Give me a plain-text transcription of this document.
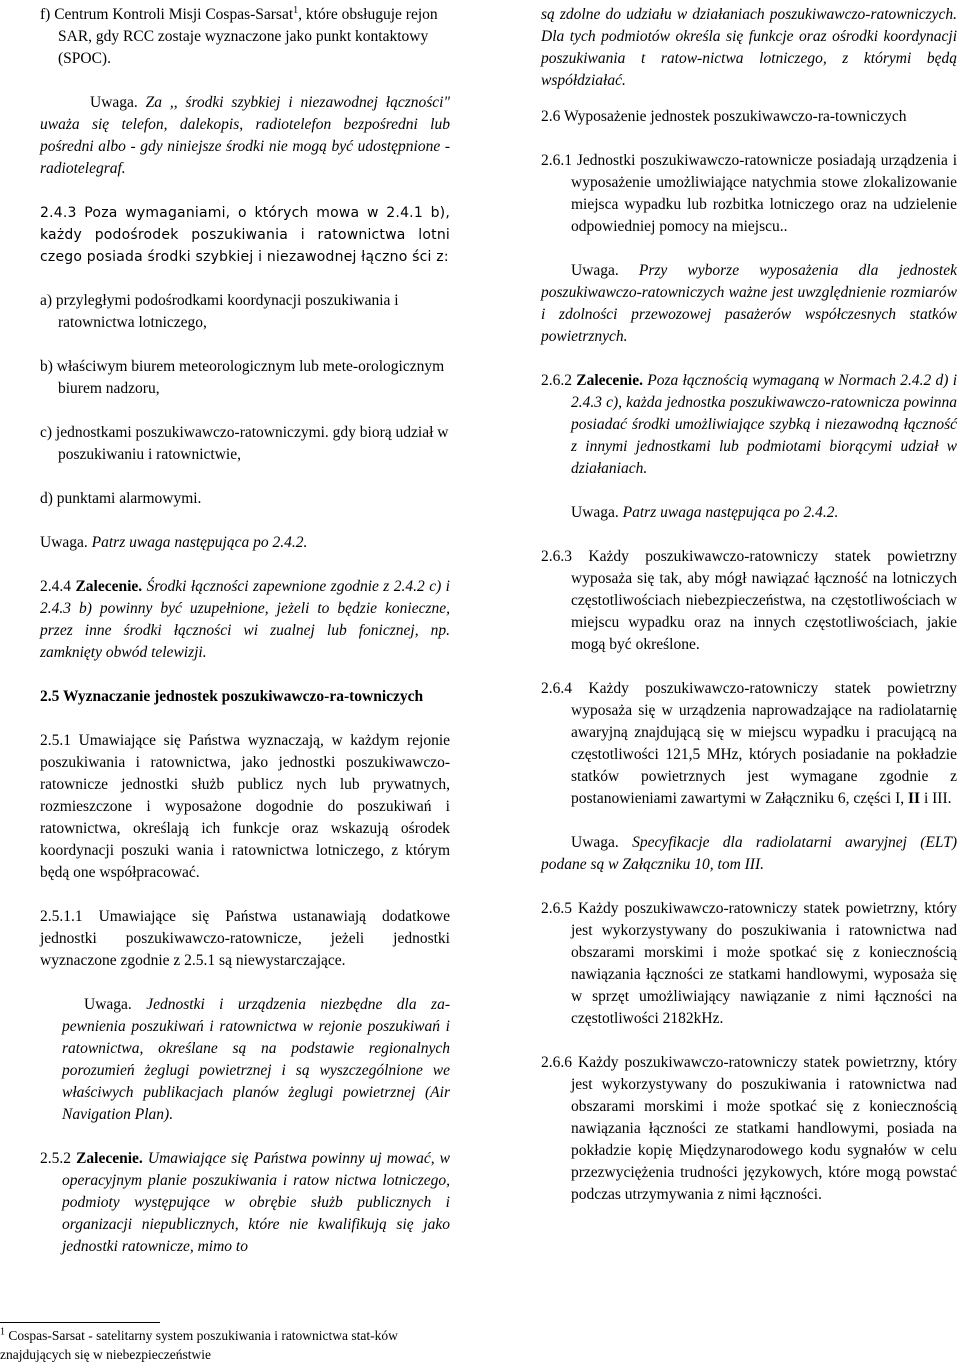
f) Centrum Kontroli Misji Cospas-Sarsat$^1$, które obsługuje rejon SAR, gdy RCC zostaje wyznaczone jako punkt kontaktowy (SPOC).

Uwaga. Za ,, środki szybkiej i niezawodnej łączności" uważa się telefon, dalekopis, radiotelefon bezpośredni lub pośredni albo - gdy niniejsze środki nie mogą być udostępnione - radiotelegraf.

2.4.3 Poza wymaganiami, o których mowa w 2.4.1 b), każdy podośrodek poszukiwania i ratownictwa lotni czego posiada środki szybkiej i niezawodnej łączno ści z:

a) przyległymi podośrodkami koordynacji poszukiwania i ratownictwa lotniczego,

b) właściwym biurem meteorologicznym lub mete-orologicznym biurem nadzoru,

c) jednostkami poszukiwawczo-ratowniczymi. gdy biorą udział w poszukiwaniu i ratownictwie,

d) punktami alarmowymi.

Uwaga. Patrz uwaga następująca po 2.4.2.

2.4.4 Zalecenie. Środki łączności zapewnione zgodnie z 2.4.2 c) i 2.4.3 b) powinny być uzupełnione, jeżeli to będzie konieczne, przez inne środki łączności wi zualnej lub fonicznej, np. zamknięty obwód telewizji.

2.5 Wyznaczanie jednostek poszukiwawczo-ra-towniczych

2.5.1 Umawiające się Państwa wyznaczają, w każdym rejonie poszukiwania i ratownictwa, jako jednostki poszukiwawczo-ratownicze jednostki służb publicz nych lub prywatnych, rozmieszczone i wyposażone dogodnie do poszukiwań i ratownictwa, określają ich funkcje oraz wskazują ośrodek koordynacji poszuki wania i ratownictwa lotniczego, z którym będą one współpracować.

2.5.1.1 Umawiające się Państwa ustanawiają dodatkowe jednostki poszukiwawczo-ratownicze, jeżeli jednostki wyznaczone zgodnie z 2.5.1 są niewystarczające.

Uwaga. Jednostki i urządzenia niezbędne dla za-pewnienia poszukiwań i ratownictwa w rejonie poszukiwań i ratownictwa, określane są na podstawie regionalnych porozumień żeglugi powietrznej i są wyszczególnione we właściwych publikacjach planów żeglugi powietrznej (Air Navigation Plan).

2.5.2 Zalecenie. Umawiające się Państwa powinny uj mować, w operacyjnym planie poszukiwania i ratow nictwa lotniczego, podmioty występujące w obrębie służb publicznych i organizacji niepublicznych, które nie kwalifikują się jako jednostki ratownicze, mimo to

$^1$ Cospas-Sarsat - satelitarny system poszukiwania i ratownictwa stat-ków znajdujących się w niebezpieczeństwie

są zdolne do udziału w działaniach poszukiwawczo-ratowniczych. Dla tych podmiotów określa się funkcje oraz ośrodki koordynacji poszukiwania t ratow-nictwa lotniczego, z którymi będą współdziałać.

2.6 Wyposażenie jednostek poszukiwawczo-ra-towniczych

2.6.1 Jednostki poszukiwawczo-ratownicze posiadają urządzenia i wyposażenie umożliwiające natychmia stowe zlokalizowanie miejsca wypadku lub rozbitka lotniczego oraz na udzielenie odpowiedniej pomocy na miejscu..

Uwaga. Przy wyborze wyposażenia dla jednostek poszukiwawczo-ratowniczych ważne jest uwzględnienie rozmiarów i zdolności przewozowej pasażerów współczesnych statków powietrznych.

2.6.2 Zalecenie. Poza łącznością wymaganą w Normach 2.4.2 d) i 2.4.3 c), każda jednostka poszukiwawczo-ratownicza powinna posiadać środki umożliwiające szybką i niezawodną łączność z innymi jednostkami lub podmiotami biorącymi udział w działaniach.

Uwaga. Patrz uwaga następująca po 2.4.2.

2.6.3 Każdy poszukiwawczo-ratowniczy statek powietrzny wyposaża się tak, aby mógł nawiązać łączność na lotniczych częstotliwościach niebezpieczeństwa, na częstotliwościach w miejscu wypadku oraz na innych częstotliwościach, jakie mogą być określone.

2.6.4 Każdy poszukiwawczo-ratowniczy statek powietrzny wyposaża się w urządzenia naprowadzające na radiolatarnię awaryjną znajdującą się w miejscu wypadku i pracującą na częstotliwości 121,5 MHz, których posiadanie na pokładzie statków powietrznych jest wymagane zgodnie z postanowieniami zawartymi w Załączniku 6, części I, II i III.

Uwaga. Specyfikacje dla radiolatarni awaryjnej (ELT) podane są w Załączniku 10, tom III.

2.6.5 Każdy poszukiwawczo-ratowniczy statek powietrzny, który jest wykorzystywany do poszukiwania i ratownictwa nad obszarami morskimi i może spotkać się z koniecznością nawiązania łączności ze statkami handlowymi, wyposaża się w sprzęt umożliwiający nawiązanie z nimi łączności na częstotliwości 2182kHz.

2.6.6 Każdy poszukiwawczo-ratowniczy statek powietrzny, który jest wykorzystywany do poszukiwania i ratownictwa nad obszarami morskimi i może spotkać się z koniecznością nawiązania łączności ze statkami handlowymi, posiada na pokładzie kopię Międzynarodowego kodu sygnałów w celu przezwyciężenia trudności językowych, które mogą powstać podczas utrzymywania z nimi łączności.
